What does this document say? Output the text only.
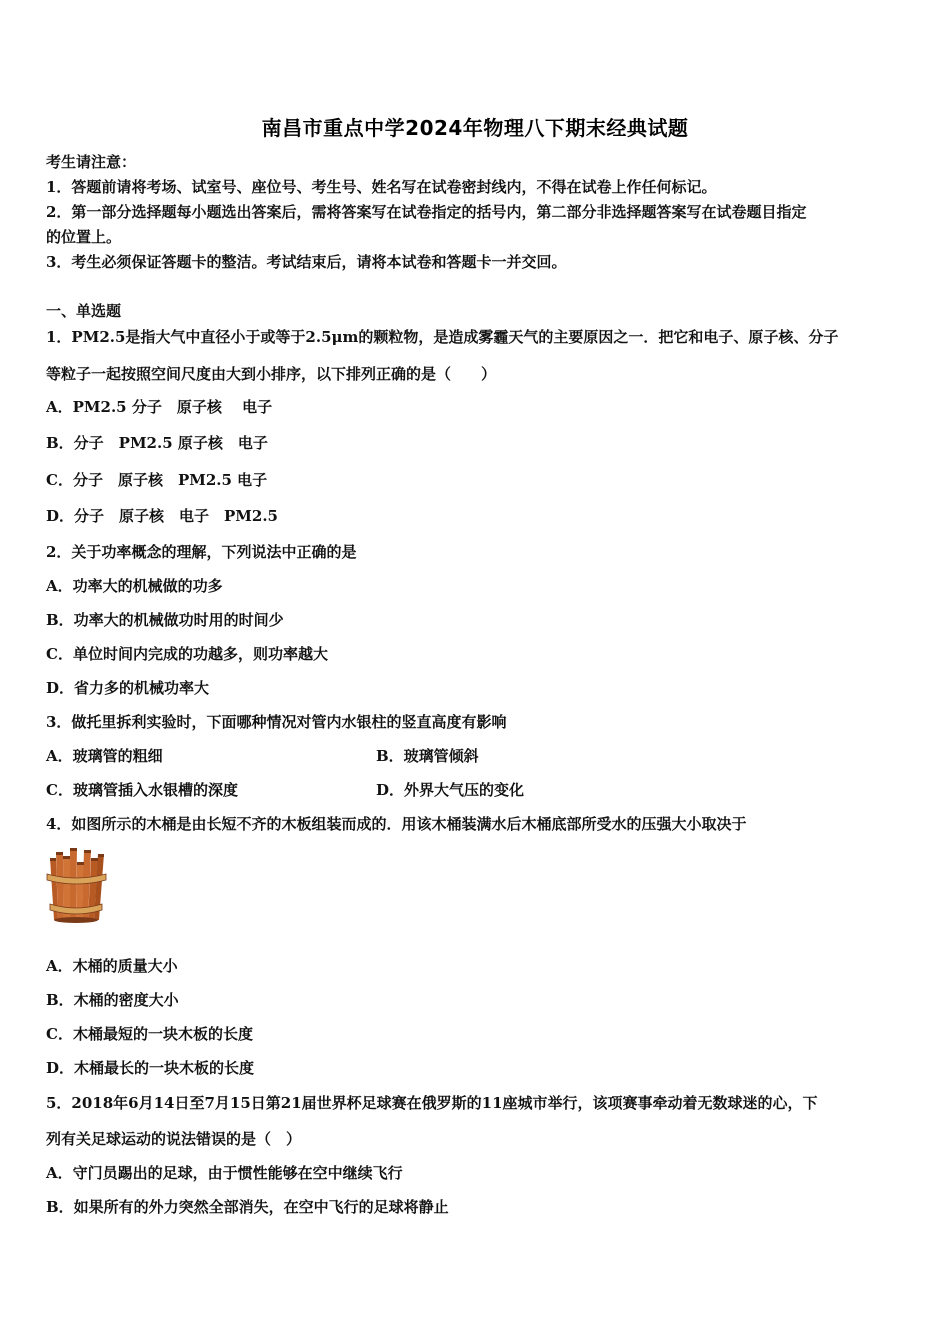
南昌市重点中学2024年物理八下期末经典试题
考生请注意：
1．答题前请将考场、试室号、座位号、考生号、姓名写在试卷密封线内，不得在试卷上作任何标记。
2．第一部分选择题每小题选出答案后，需将答案写在试卷指定的括号内，第二部分非选择题答案写在试卷题目指定
的位置上。
3．考生必须保证答题卡的整洁。考试结束后，请将本试卷和答题卡一并交回。
一、单选题
1．PM2.5是指大气中直径小于或等于2.5μm的颗粒物，是造成雾霾天气的主要原因之一．把它和电子、原子核、分子
等粒子一起按照空间尺度由大到小排序，以下排列正确的是（　　）
A．PM2.5 分子　原子核　 电子
B．分子　PM2.5 原子核　电子
C．分子　原子核　PM2.5 电子
D．分子　原子核　电子　PM2.5
2．关于功率概念的理解，下列说法中正确的是
A．功率大的机械做的功多
B．功率大的机械做功时用的时间少
C．单位时间内完成的功越多，则功率越大
D．省力多的机械功率大
3．做托里拆利实验时，下面哪种情况对管内水银柱的竖直高度有影响
A．玻璃管的粗细	B．玻璃管倾斜
C．玻璃管插入水银槽的深度	D．外界大气压的变化
4．如图所示的木桶是由长短不齐的木板组装而成的．用该木桶装满水后木桶底部所受水的压强大小取决于
A．木桶的质量大小
B．木桶的密度大小
C．木桶最短的一块木板的长度
D．木桶最长的一块木板的长度
5．2018年6月14日至7月15日第21届世界杯足球赛在俄罗斯的11座城市举行，该项赛事牵动着无数球迷的心，下
列有关足球运动的说法错误的是（　）
A．守门员踢出的足球，由于惯性能够在空中继续飞行
B．如果所有的外力突然全部消失，在空中飞行的足球将静止
